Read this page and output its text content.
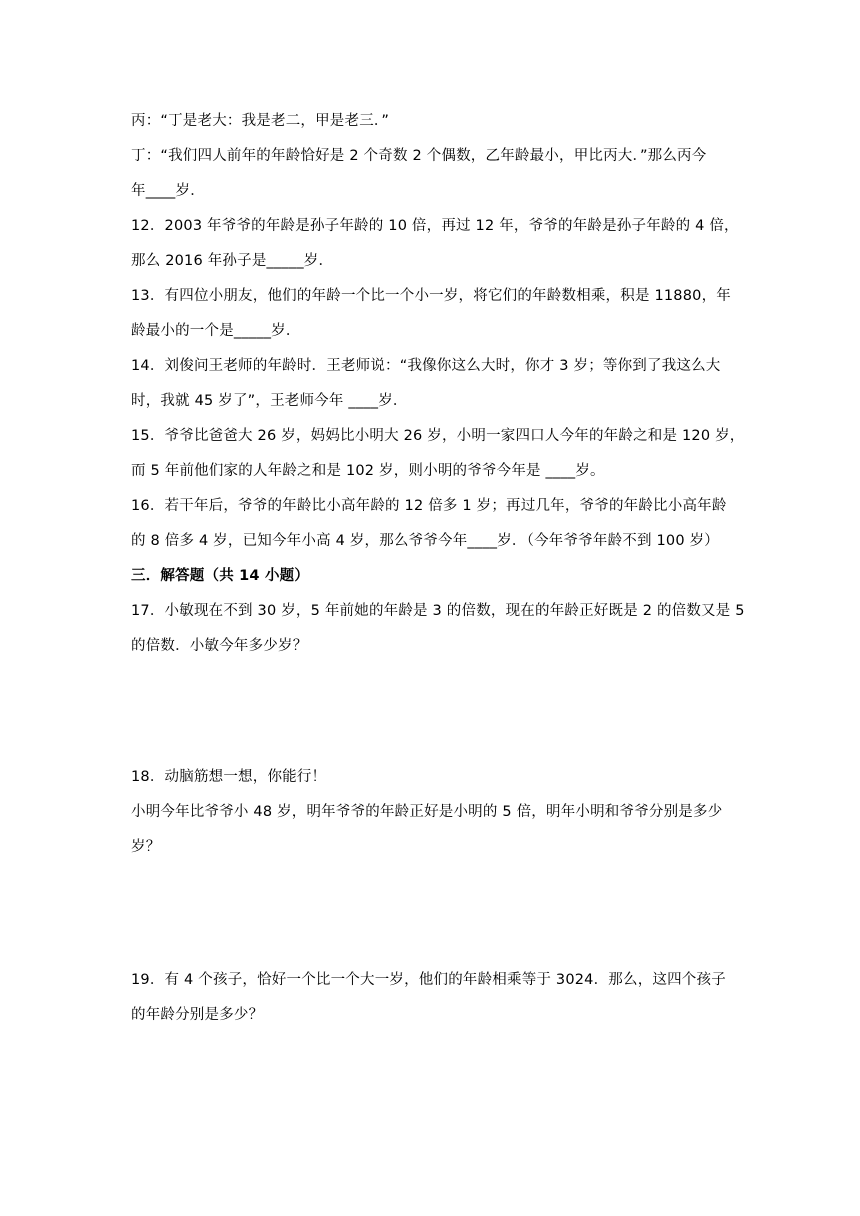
丙：“丁是老大：我是老二，甲是老三．”
丁：“我们四人前年的年龄恰好是 2 个奇数 2 个偶数，乙年龄最小，甲比丙大．”那么丙今
年____岁．
12．2003 年爷爷的年龄是孙子年龄的 10 倍，再过 12 年，爷爷的年龄是孙子年龄的 4 倍，
那么 2016 年孙子是_____岁．
13．有四位小朋友，他们的年龄一个比一个小一岁，将它们的年龄数相乘，积是 11880，年
龄最小的一个是_____岁．
14．刘俊问王老师的年龄时．王老师说：“我像你这么大时，你才 3 岁；等你到了我这么大
时，我就 45 岁了”，王老师今年 ____岁．
15．爷爷比爸爸大 26 岁，妈妈比小明大 26 岁，小明一家四口人今年的年龄之和是 120 岁，
而 5 年前他们家的人年龄之和是 102 岁，则小明的爷爷今年是 ____岁。
16．若干年后，爷爷的年龄比小高年龄的 12 倍多 1 岁；再过几年，爷爷的年龄比小高年龄
的 8 倍多 4 岁，已知今年小高 4 岁，那么爷爷今年____岁．（今年爷爷年龄不到 100 岁）
三．解答题（共 14 小题）
17．小敏现在不到 30 岁，5 年前她的年龄是 3 的倍数，现在的年龄正好既是 2 的倍数又是 5
的倍数．小敏今年多少岁？
18．动脑筋想一想，你能行！
小明今年比爷爷小 48 岁，明年爷爷的年龄正好是小明的 5 倍，明年小明和爷爷分别是多少
岁？
19．有 4 个孩子，恰好一个比一个大一岁，他们的年龄相乘等于 3024．那么，这四个孩子
的年龄分别是多少？
